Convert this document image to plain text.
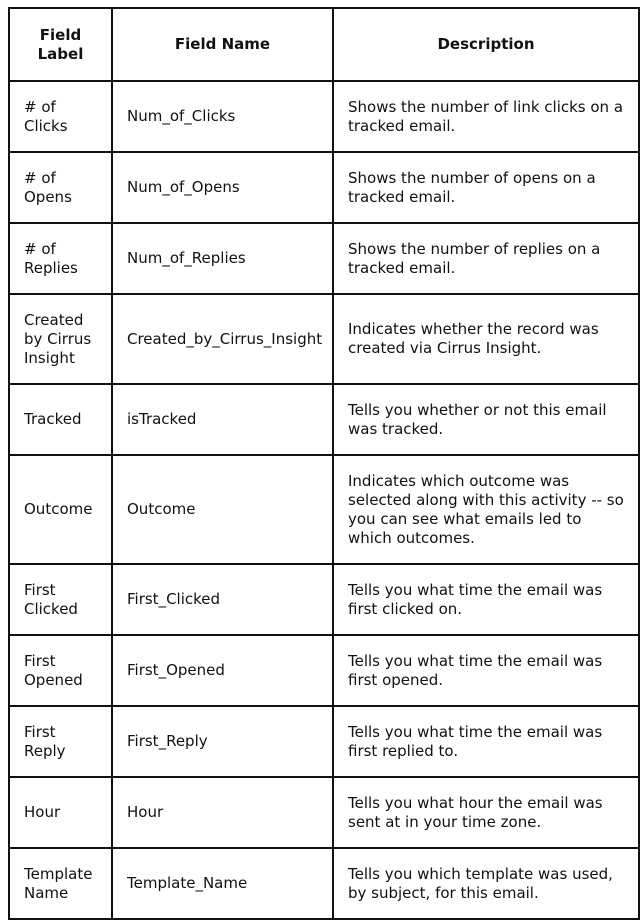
Field Label	Field Name	Description
# of Clicks	Num_of_Clicks	Shows the number of link clicks on a tracked email.
# of Opens	Num_of_Opens	Shows the number of opens on a tracked email.
# of Replies	Num_of_Replies	Shows the number of replies on a tracked email.
Created by Cirrus Insight	Created_by_Cirrus_Insight	Indicates whether the record was created via Cirrus Insight.
Tracked	isTracked	Tells you whether or not this email was tracked.
Outcome	Outcome	Indicates which outcome was selected along with this activity -- so you can see what emails led to which outcomes.
First Clicked	First_Clicked	Tells you what time the email was first clicked on.
First Opened	First_Opened	Tells you what time the email was first opened.
First Reply	First_Reply	Tells you what time the email was first replied to.
Hour	Hour	Tells you what hour the email was sent at in your time zone.
Template Name	Template_Name	Tells you which template was used, by subject, for this email.
